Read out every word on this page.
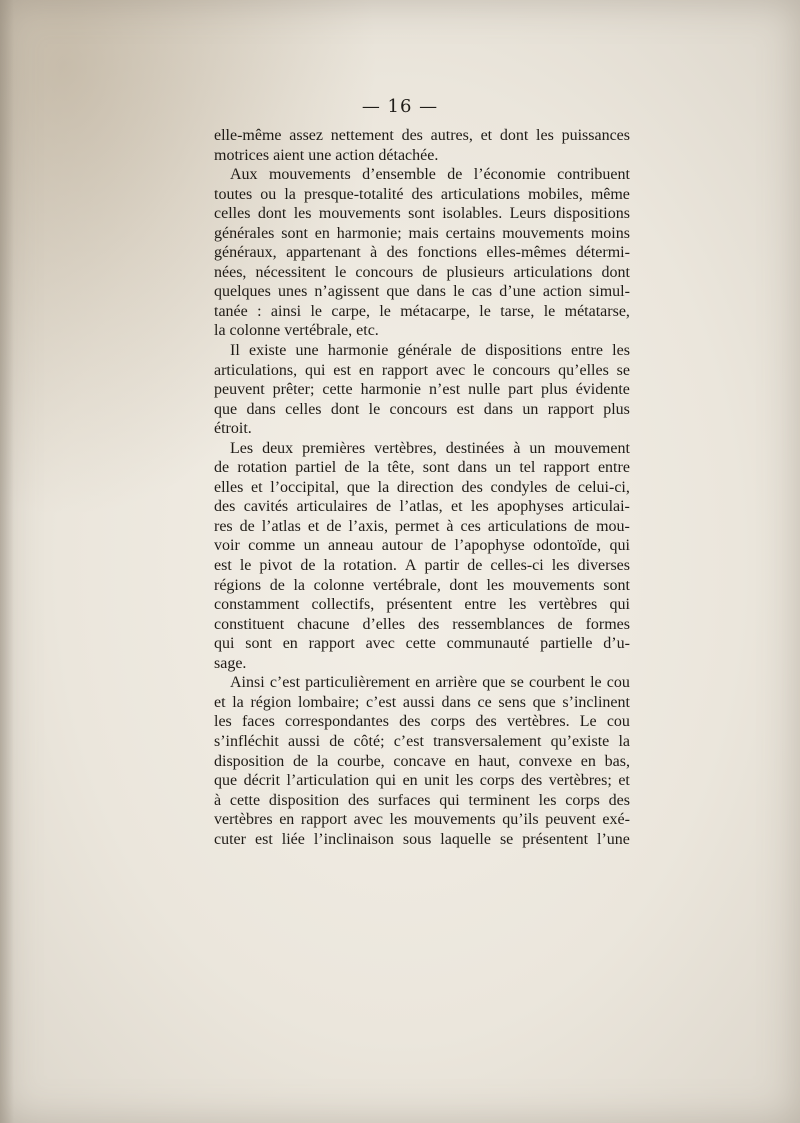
— 16 —
elle-même assez nettement des autres, et dont les puissances
motrices aient une action détachée.
Aux mouvements d’ensemble de l’économie contribuent
toutes ou la presque-totalité des articulations mobiles, même
celles dont les mouvements sont isolables. Leurs dispositions
générales sont en harmonie; mais certains mouvements moins
généraux, appartenant à des fonctions elles-mêmes détermi-
nées, nécessitent le concours de plusieurs articulations dont
quelques unes n’agissent que dans le cas d’une action simul-
tanée : ainsi le carpe, le métacarpe, le tarse, le métatarse,
la colonne vertébrale, etc.
Il existe une harmonie générale de dispositions entre les
articulations, qui est en rapport avec le concours qu’elles se
peuvent prêter; cette harmonie n’est nulle part plus évidente
que dans celles dont le concours est dans un rapport plus
étroit.
Les deux premières vertèbres, destinées à un mouvement
de rotation partiel de la tête, sont dans un tel rapport entre
elles et l’occipital, que la direction des condyles de celui-ci,
des cavités articulaires de l’atlas, et les apophyses articulai-
res de l’atlas et de l’axis, permet à ces articulations de mou-
voir comme un anneau autour de l’apophyse odontoïde, qui
est le pivot de la rotation. A partir de celles-ci les diverses
régions de la colonne vertébrale, dont les mouvements sont
constamment collectifs, présentent entre les vertèbres qui
constituent chacune d’elles des ressemblances de formes
qui sont en rapport avec cette communauté partielle d’u-
sage.
Ainsi c’est particulièrement en arrière que se courbent le cou
et la région lombaire; c’est aussi dans ce sens que s’inclinent
les faces correspondantes des corps des vertèbres. Le cou
s’infléchit aussi de côté; c’est transversalement qu’existe la
disposition de la courbe, concave en haut, convexe en bas,
que décrit l’articulation qui en unit les corps des vertèbres; et
à cette disposition des surfaces qui terminent les corps des
vertèbres en rapport avec les mouvements qu’ils peuvent exé-
cuter est liée l’inclinaison sous laquelle se présentent l’une
